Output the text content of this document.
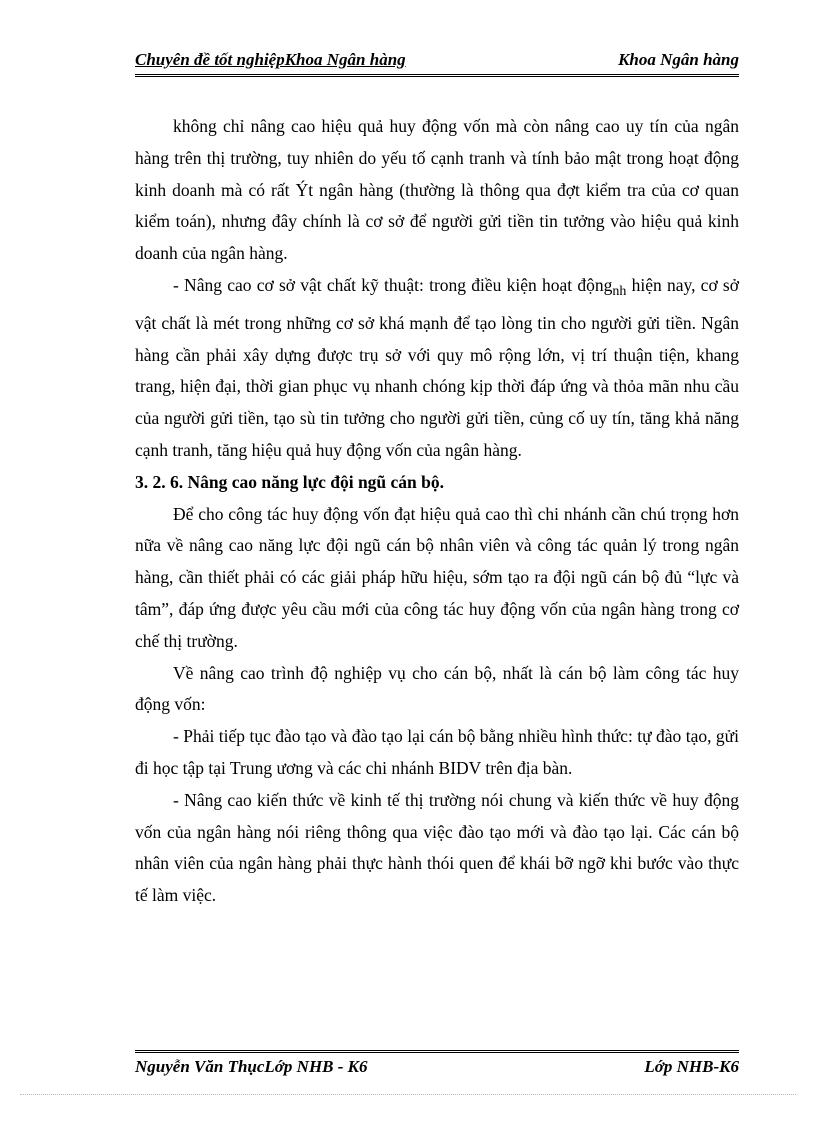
Chuyên đề tốt nghiệpKhoa Ngân hàng	Khoa Ngân hàng

không chỉ nâng cao hiệu quả huy động vốn mà còn nâng cao uy tín của ngân hàng trên thị trường, tuy nhiên do yếu tố cạnh tranh và tính bảo mật trong hoạt động kinh doanh mà có rất Ýt ngân hàng (thường là thông qua đợt kiểm tra của cơ quan kiểm toán), nhưng đây chính là cơ sở để người gửi tiền tin tưởng vào hiệu quả kinh doanh của ngân hàng.

- Nâng cao cơ sở vật chất kỹ thuật: trong điều kiện hoạt động$_{nh}$ hiện nay, cơ sở vật chất là mét trong những cơ sở khá mạnh để tạo lòng tin cho người gửi tiền. Ngân hàng cần phải xây dựng được trụ sở với quy mô rộng lớn, vị trí thuận tiện, khang trang, hiện đại, thời gian phục vụ nhanh chóng kịp thời đáp ứng và thỏa mãn nhu cầu của người gửi tiền, tạo sù tin tưởng cho người gửi tiền, củng cố uy tín, tăng khả năng cạnh tranh, tăng hiệu quả huy động vốn của ngân hàng.

3. 2. 6. Nâng cao năng lực đội ngũ cán bộ.

Để cho công tác huy động vốn đạt hiệu quả cao thì chi nhánh cần chú trọng hơn nữa về nâng cao năng lực đội ngũ cán bộ nhân viên và công tác quản lý trong ngân hàng, cần thiết phải có các giải pháp hữu hiệu, sớm tạo ra đội ngũ cán bộ đủ “lực và tâm”, đáp ứng được yêu cầu mới của công tác huy động vốn của ngân hàng trong cơ chế thị trường.

Về nâng cao trình độ nghiệp vụ cho cán bộ, nhất là cán bộ làm công tác huy động vốn:

- Phải tiếp tục đào tạo và đào tạo lại cán bộ bằng nhiều hình thức: tự đào tạo, gửi đi học tập tại Trung ương và các chi nhánh BIDV trên địa bàn.

- Nâng cao kiến thức về kinh tế thị trường nói chung và kiến thức về huy động vốn của ngân hàng nói riêng thông qua việc đào tạo mới và đào tạo lại. Các cán bộ nhân viên của ngân hàng phải thực hành thói quen để khái bỡ ngỡ khi bước vào thực tế làm việc.

Nguyễn Văn ThụcLớp NHB - K6	Lớp NHB-K6
